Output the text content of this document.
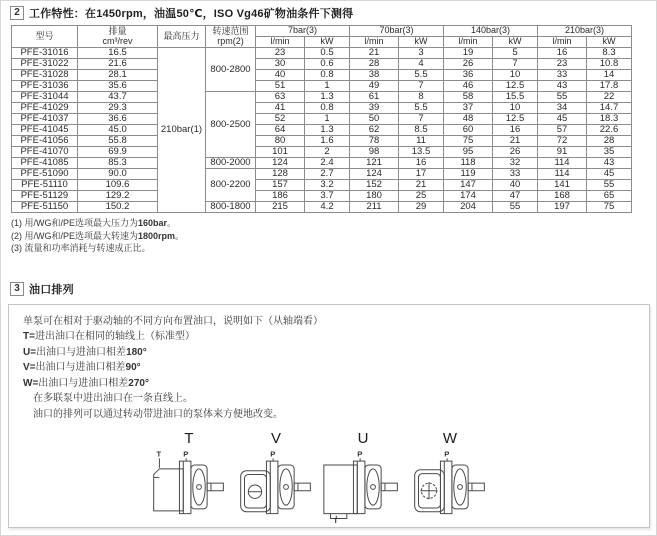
2 工作特性：在1450rpm，油温50℃，ISO Vg46矿物油条件下测得
型号	排量
cm³/rev	最高压力	转速范围
rpm(2)
	7bar(3)	70bar(3)	140bar(3)	210bar(3)
				l/min	kW	l/min	kW	l/min	kW	l/min	kW
PFE-31016	16.5	210bar(1)	800-2800	23	0.5	21	3	19	5	16	8.3
PFE-31022	21.6			30	0.6	28	4	26	7	23	10.8
PFE-31028	28.1			40	0.8	38	5.5	36	10	33	14
PFE-31036	35.6			51	1	49	7	46	12.5	43	17.8
PFE-31044	43.7		800-2500	63	1.3	61	8	58	15.5	55	22
PFE-41029	29.3			41	0.8	39	5.5	37	10	34	14.7
PFE-41037	36.6			52	1	50	7	48	12.5	45	18.3
PFE-41045	45.0			64	1.3	62	8.5	60	16	57	22.6
PFE-41056	55.8			80	1.6	78	11	75	21	72	28
PFE-41070	69.9			101	2	98	13.5	95	26	91	35
PFE-41085	85.3		800-2000	124	2.4	121	16	118	32	114	43
PFE-51090	90.0		800-2200	128	2.7	124	17	119	33	114	45
PFE-51110	109.6			157	3.2	152	21	147	40	141	55
PFE-51129	129.2			186	3.7	180	25	174	47	168	65
PFE-51150	150.2		800-1800	215	4.2	211	29	204	55	197	75
(1) 用/WG和/PE选项最大压力为160bar。
(2) 用/WG和/PE选项最大转速为1800rpm。
(3) 流量和功率消耗与转速成正比。
3 油口排列
单泵可在相对于驱动轴的不同方向布置油口，说明如下（从轴端看）
T=进出油口在相同的轴线上（标准型）
U=出油口与进油口相差180°
V=出油口与进油口相差90°
W=出油口与进油口相差270°
在多联泵中进出油口在一条直线上。
油口的排列可以通过转动带进油口的泵体来方便地改变。
T
T	P
V
P
U
P
T
W
P
